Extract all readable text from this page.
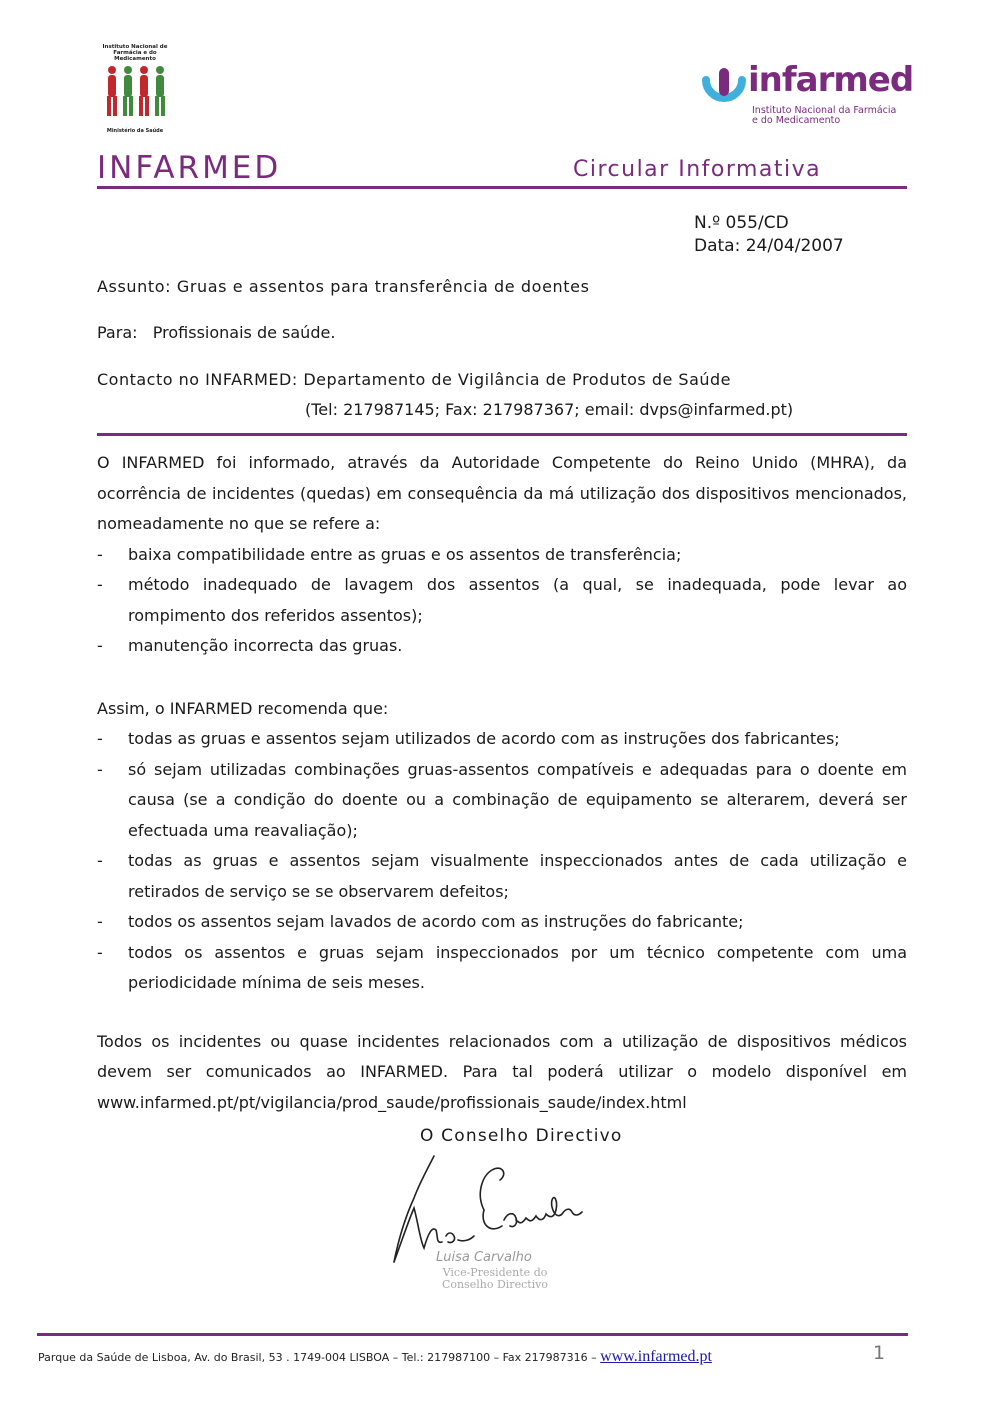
Instituto Nacional de Farmácia e do Medicamento
Ministério da Saúde
infarmed
Instituto Nacional da Farmácia
e do Medicamento
INFARMED	Circular Informativa
N.º 055/CD
Data: 24/04/2007
Assunto: Gruas e assentos para transferência de doentes
Para:   Profissionais de saúde.
Contacto no INFARMED: Departamento de Vigilância de Produtos de Saúde
(Tel: 217987145; Fax: 217987367; email: dvps@infarmed.pt)

O INFARMED foi informado, através da Autoridade Competente do Reino Unido (MHRA), da ocorrência de incidentes (quedas) em consequência da má utilização dos dispositivos mencionados, nomeadamente no que se refere a:

- baixa compatibilidade entre as gruas e os assentos de transferência;
- método inadequado de lavagem dos assentos (a qual, se inadequada, pode levar ao rompimento dos referidos assentos);
- manutenção incorrecta das gruas.

Assim, o INFARMED recomenda que:

- todas as gruas e assentos sejam utilizados de acordo com as instruções dos fabricantes;
- só sejam utilizadas combinações gruas-assentos compatíveis e adequadas para o doente em causa (se a condição do doente ou a combinação de equipamento se alterarem, deverá ser efectuada uma reavaliação);
- todas as gruas e assentos sejam visualmente inspeccionados antes de cada utilização e retirados de serviço se se observarem defeitos;
- todos os assentos sejam lavados de acordo com as instruções do fabricante;
- todos os assentos e gruas sejam inspeccionados por um técnico competente com uma periodicidade mínima de seis meses.

Todos os incidentes ou quase incidentes relacionados com a utilização de dispositivos médicos devem ser comunicados ao INFARMED. Para tal poderá utilizar o modelo disponível em www.infarmed.pt/pt/vigilancia/prod_saude/profissionais_saude/index.html

O Conselho Directivo
Luisa Carvalho
Vice-Presidente do
Conselho Directivo
Parque da Saúde de Lisboa, Av. do Brasil, 53 . 1749-004 LISBOA – Tel.: 217987100 – Fax 217987316 – www.infarmed.pt	1
